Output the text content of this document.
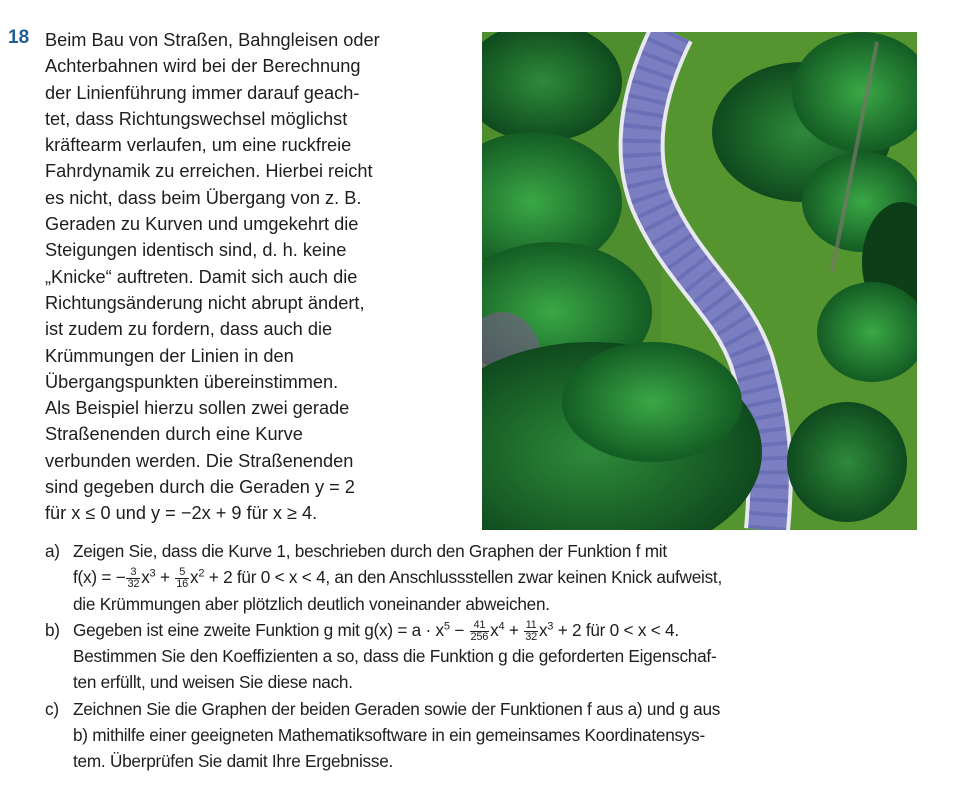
18 Beim Bau von Straßen, Bahngleisen oder
Achterbahnen wird bei der Berechnung
der Linienführung immer darauf geach-
tet, dass Richtungswechsel möglichst
kräftearm verlaufen, um eine ruckfreie
Fahrdynamik zu erreichen. Hierbei reicht
es nicht, dass beim Übergang von z. B.
Geraden zu Kurven und umgekehrt die
Steigungen identisch sind, d. h. keine
„Knicke“ auftreten. Damit sich auch die
Richtungsänderung nicht abrupt ändert,
ist zudem zu fordern, dass auch die
Krümmungen der Linien in den
Übergangspunkten übereinstimmen.
Als Beispiel hierzu sollen zwei gerade
Straßenenden durch eine Kurve
verbunden werden. Die Straßenenden
sind gegeben durch die Geraden y = 2
für x ≤ 0 und y = −2x + 9 für x ≥ 4.
a) Zeigen Sie, dass die Kurve 1, beschrieben durch den Graphen der Funktion f mit
f(x) = − $\frac{3}{32} x^3 + \frac{5}{16} x^2 + 2$ für 0 < x < 4, an den Anschlussstellen zwar keinen Knick aufweist,
die Krümmungen aber plötzlich deutlich voneinander abweichen.
b) Gegeben ist eine zweite Funktion g mit $g(x) = a \cdot x^5 - \frac{41}{256} x^4 + \frac{11}{32} x^3 + 2$ für 0 < x < 4.
Bestimmen Sie den Koeffizienten a so, dass die Funktion g die geforderten Eigenschaf-
ten erfüllt, und weisen Sie diese nach.
c) Zeichnen Sie die Graphen der beiden Geraden sowie der Funktionen f aus a) und g aus
b) mithilfe einer geeigneten Mathematiksoftware in ein gemeinsames Koordinatensys-
tem. Überprüfen Sie damit Ihre Ergebnisse.
